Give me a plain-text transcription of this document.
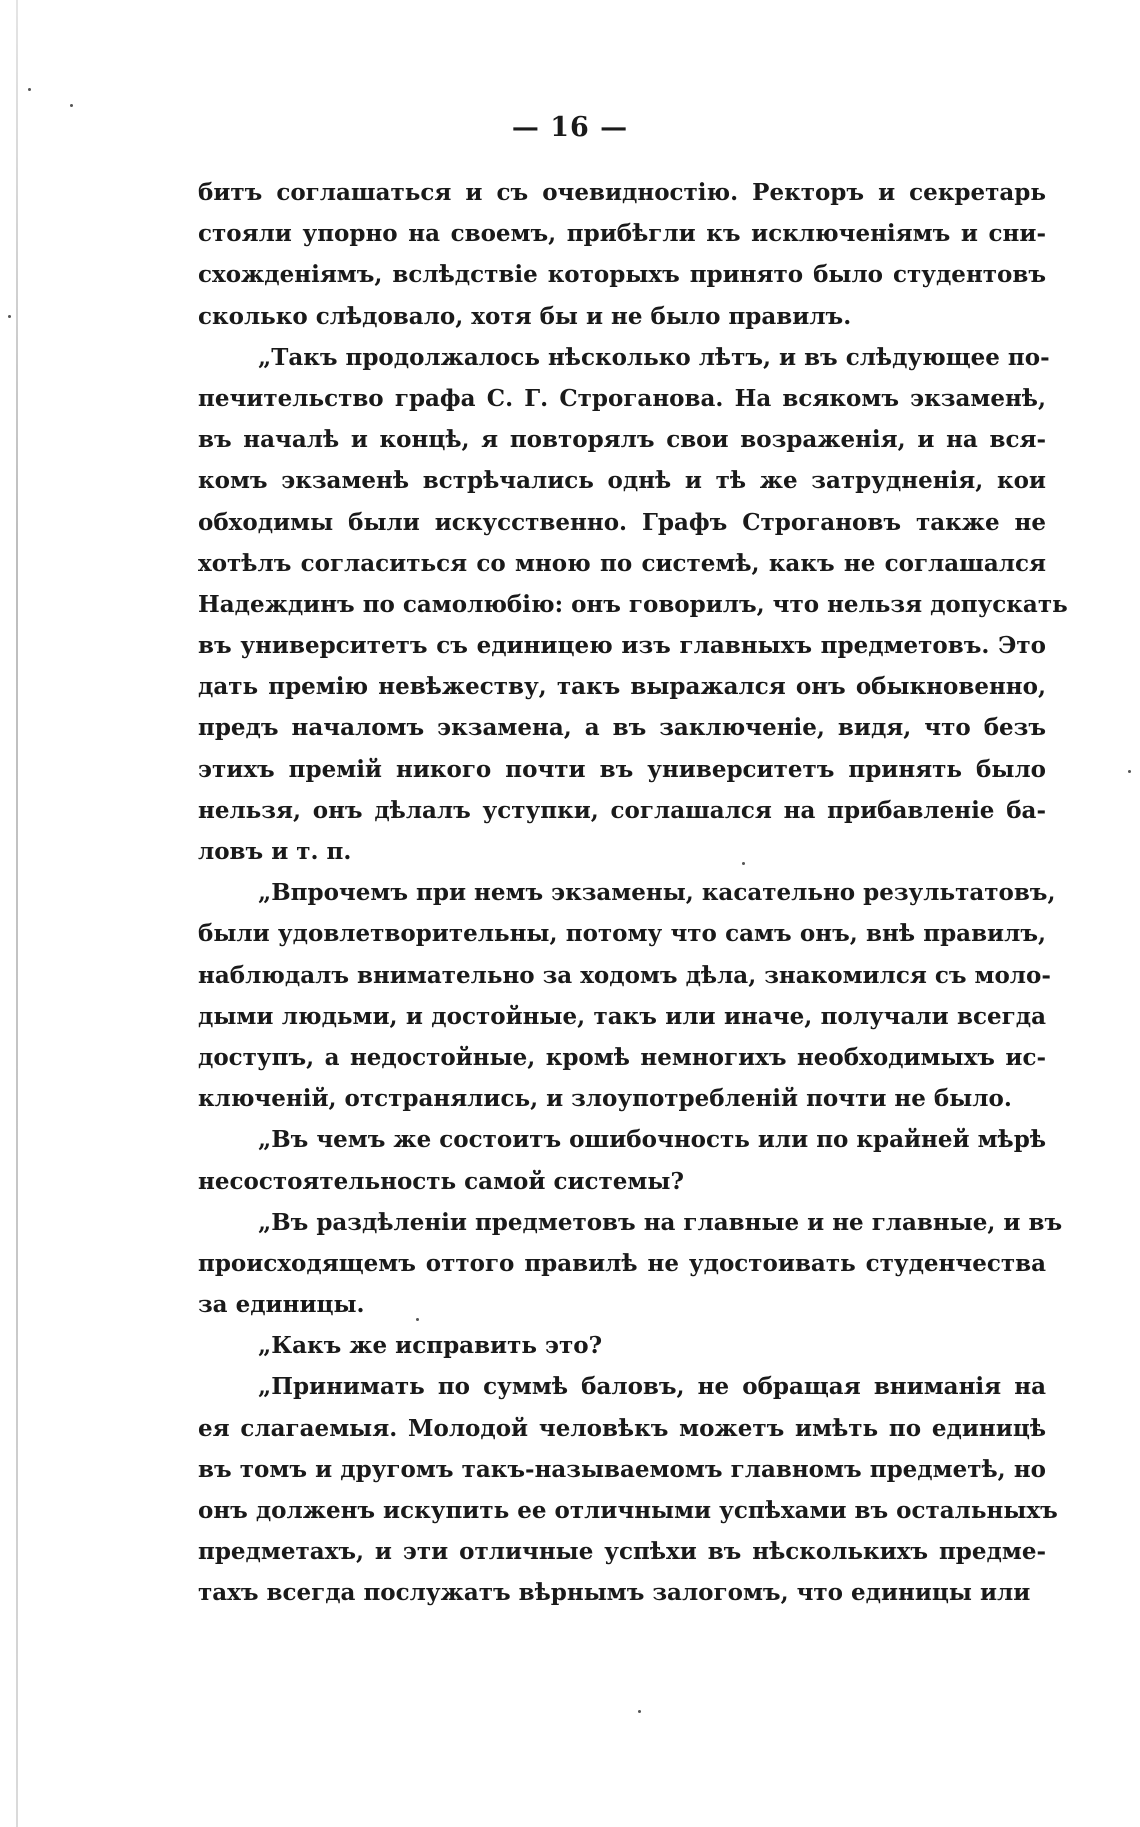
— 16 —
битъ соглашаться и съ очевидностію. Ректоръ и секретарь
стояли упорно на своемъ, прибѣгли къ исключеніямъ и сни-
схожденіямъ, вслѣдствіе которыхъ принято было студентовъ
сколько слѣдовало, хотя бы и не было правилъ.
„Такъ продолжалось нѣсколько лѣтъ, и въ слѣдующее по-
печительство графа С. Г. Строганова. На всякомъ экзаменѣ,
въ началѣ и концѣ, я повторялъ свои возраженія, и на вся-
комъ экзаменѣ встрѣчались однѣ и тѣ же затрудненія, кои
обходимы были искусственно. Графъ Строгановъ также не
хотѣлъ согласиться со мною по системѣ, какъ не соглашался
Надеждинъ по самолюбію: онъ говорилъ, что нельзя допускать
въ университетъ съ единицею изъ главныхъ предметовъ. Это
дать премію невѣжеству, такъ выражался онъ обыкновенно,
предъ началомъ экзамена, а въ заключеніе, видя, что безъ
этихъ премій никого почти въ университетъ принять было
нельзя, онъ дѣлалъ уступки, соглашался на прибавленіе ба-
ловъ и т. п.
„Впрочемъ при немъ экзамены, касательно результатовъ,
были удовлетворительны, потому что самъ онъ, внѣ правилъ,
наблюдалъ внимательно за ходомъ дѣла, знакомился съ моло-
дыми людьми, и достойные, такъ или иначе, получали всегда
доступъ, а недостойные, кромѣ немногихъ необходимыхъ ис-
ключеній, отстранялись, и злоупотребленій почти не было.
„Въ чемъ же состоитъ ошибочность или по крайней мѣрѣ
несостоятельность самой системы?
„Въ раздѣленіи предметовъ на главные и не главные, и въ
происходящемъ оттого правилѣ не удостоивать студенчества
за единицы.
„Какъ же исправить это?
„Принимать по суммѣ баловъ, не обращая вниманія на
ея слагаемыя. Молодой человѣкъ можетъ имѣть по единицѣ
въ томъ и другомъ такъ-называемомъ главномъ предметѣ, но
онъ долженъ искупить ее отличными успѣхами въ остальныхъ
предметахъ, и эти отличные успѣхи въ нѣсколькихъ предме-
тахъ всегда послужатъ вѣрнымъ залогомъ, что единицы или
